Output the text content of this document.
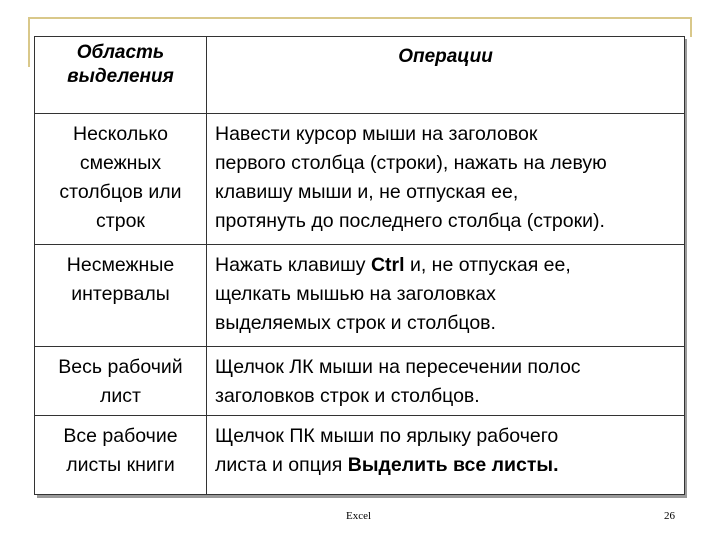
Область
выделения	Операции

Несколько
смежных
столбцов или
строк	Навести курсор мыши на заголовок
первого столбца (строки), нажать на левую
клавишу мыши и, не отпуская ее,
протянуть до последнего столбца (строки).

Несмежные
интервалы	Нажать клавишу Ctrl и, не отпуская ее,
щелкать мышью на заголовках
выделяемых строк и столбцов.

Весь рабочий
лист	Щелчок ЛК мыши на пересечении полос
заголовков строк и столбцов.

Все рабочие
листы книги	Щелчок ПК мыши по ярлыку рабочего
листа и опция Выделить все листы.
Excel	26
